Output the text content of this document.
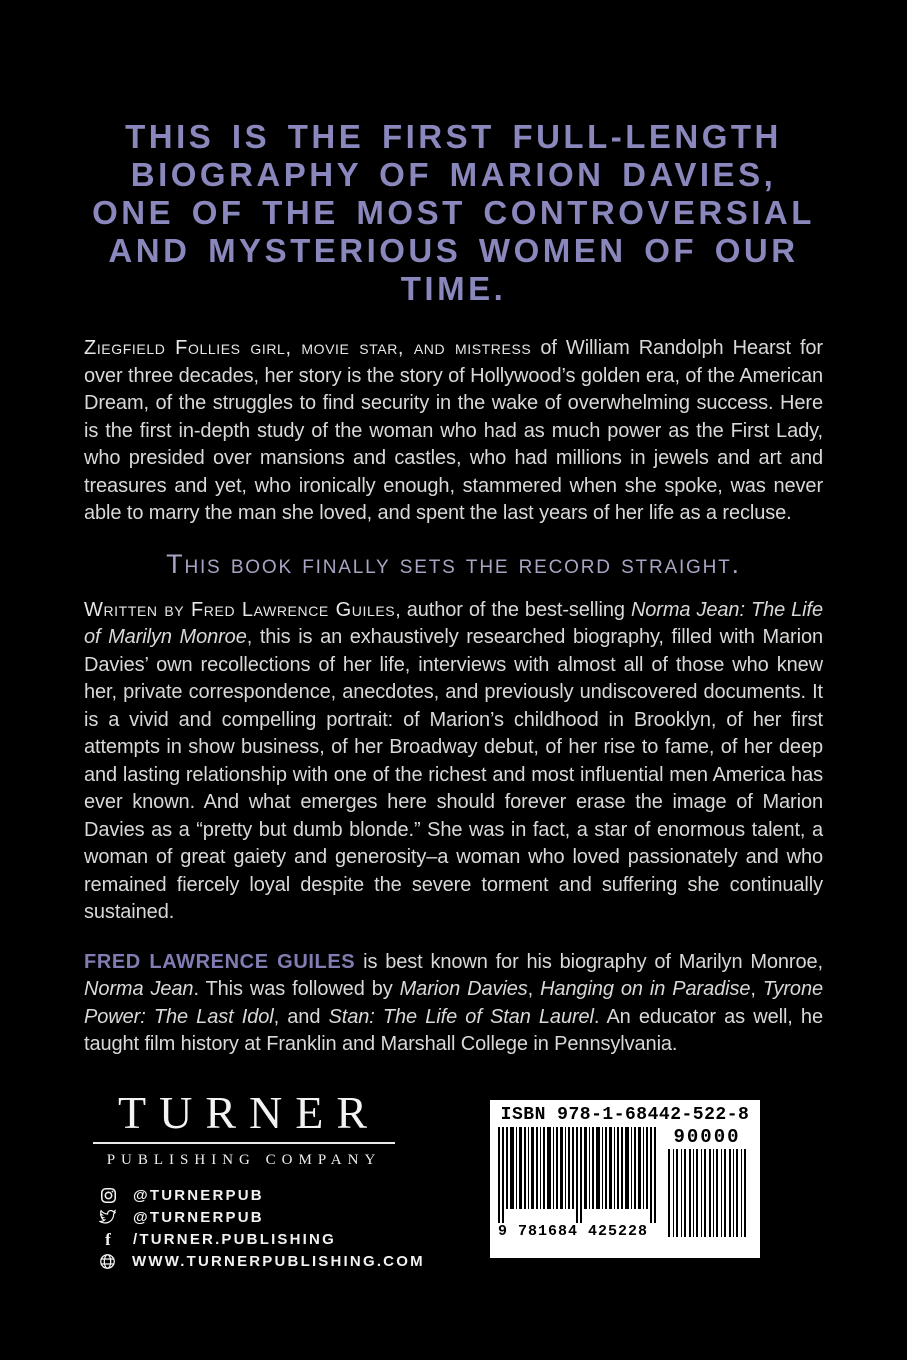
THIS IS THE FIRST FULL-LENGTH
BIOGRAPHY OF MARION DAVIES,
ONE OF THE MOST CONTROVERSIAL
AND MYSTERIOUS WOMEN OF OUR
TIME.

Ziegfield Follies girl, movie star, and mistress of William Randolph Hearst for over three decades, her story is the story of Hollywood’s golden era, of the American Dream, of the struggles to find security in the wake of overwhelming success. Here is the first in-depth study of the woman who had as much power as the First Lady, who presided over mansions and castles, who had millions in jewels and art and treasures and yet, who ironically enough, stammered when she spoke, was never able to marry the man she loved, and spent the last years of her life as a recluse.

This book finally sets the record straight.

Written by Fred Lawrence Guiles, author of the best-selling Norma Jean: The Life of Marilyn Monroe, this is an exhaustively researched biography, filled with Marion Davies’ own recollections of her life, interviews with almost all of those who knew her, private correspondence, anecdotes, and previously undiscovered documents. It is a vivid and compelling portrait: of Marion’s childhood in Brooklyn, of her first attempts in show business, of her Broadway debut, of her rise to fame, of her deep and lasting relationship with one of the richest and most influential men America has ever known. And what emerges here should forever erase the image of Marion Davies as a “pretty but dumb blonde.” She was in fact, a star of enormous talent, a woman of great gaiety and generosity–a woman who loved passionately and who remained fiercely loyal despite the severe torment and suffering she continually sustained.

FRED LAWRENCE GUILES is best known for his biography of Marilyn Monroe, Norma Jean. This was followed by Marion Davies, Hanging on in Paradise, Tyrone Power: The Last Idol, and Stan: The Life of Stan Laurel. An educator as well, he taught film history at Franklin and Marshall College in Pennsylvania.

TURNER
PUBLISHING COMPANY
@TURNERPUB
@TURNERPUB
f /TURNER.PUBLISHING
WWW.TURNERPUBLISHING.COM
ISBN 978-1-68442-522-8
9 781684 425228
90000
